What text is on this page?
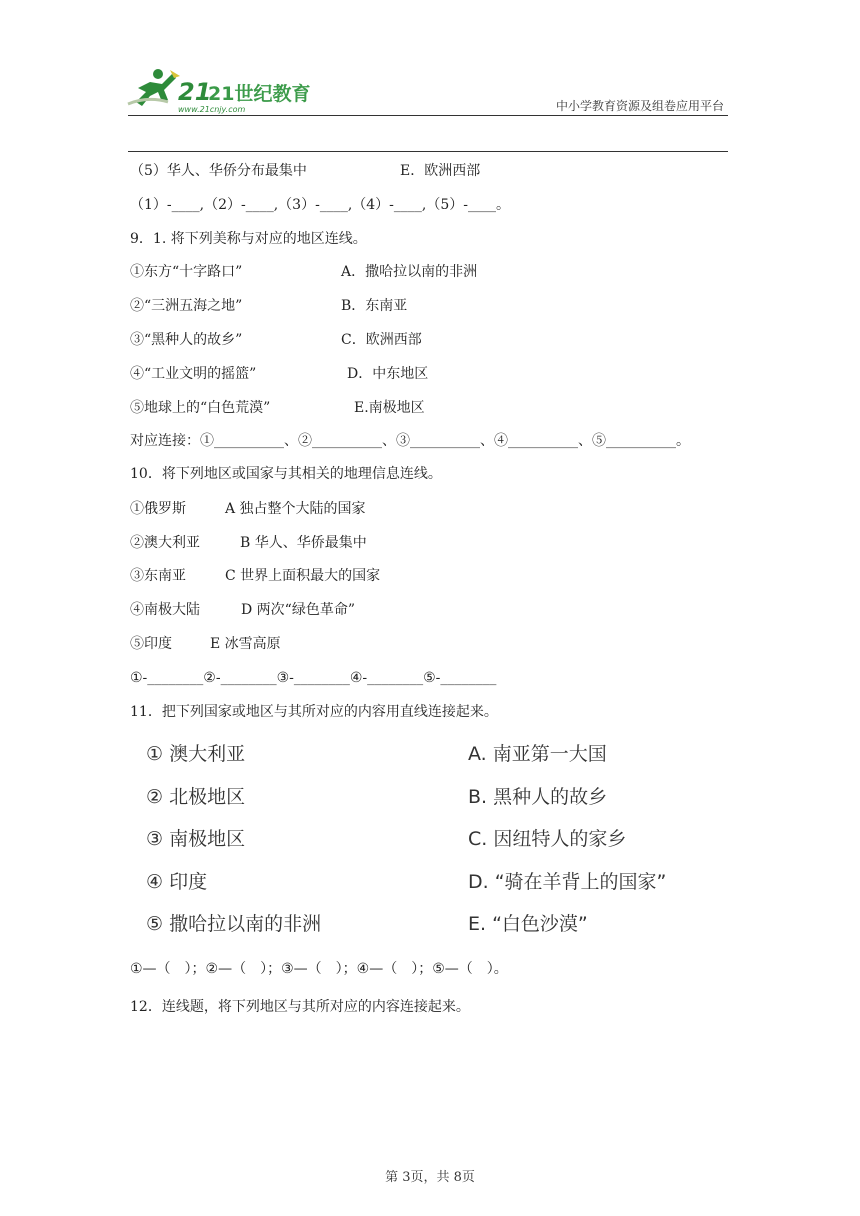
21
21世纪教育
www.21cnjy.com	中小学教育资源及组卷应用平台
（5）华人、华侨分布最集中	E．欧洲西部
（1）-____,（2）-____,（3）-____,（4）-____,（5）-____。
9．1. 将下列美称与对应的地区连线。
①东方“十字路口”	A．撒哈拉以南的非洲
②“三洲五海之地”	B．东南亚
③“黑种人的故乡”	C．欧洲西部
④“工业文明的摇篮”	D．中东地区
⑤地球上的“白色荒漠”	E.南极地区
对应连接：①__________、②__________、③__________、④__________、⑤__________。
10．将下列地区或国家与其相关的地理信息连线。
①俄罗斯	A 独占整个大陆的国家
②澳大利亚	B 华人、华侨最集中
③东南亚	C 世界上面积最大的国家
④南极大陆	D 两次“绿色革命”
⑤印度	E 冰雪高原
①-________②-________③-________④-________⑤-________
11．把下列国家或地区与其所对应的内容用直线连接起来。
① 澳大利亚	A. 南亚第一大国
② 北极地区	B. 黑种人的故乡
③ 南极地区	C. 因纽特人的家乡
④ 印度	D. “骑在羊背上的国家”
⑤ 撒哈拉以南的非洲	E. “白色沙漠”
①—（　）；②—（　）；③—（　）；④—（　）；⑤—（　）。
12．连线题，将下列地区与其所对应的内容连接起来。
第 3页，共 8页
